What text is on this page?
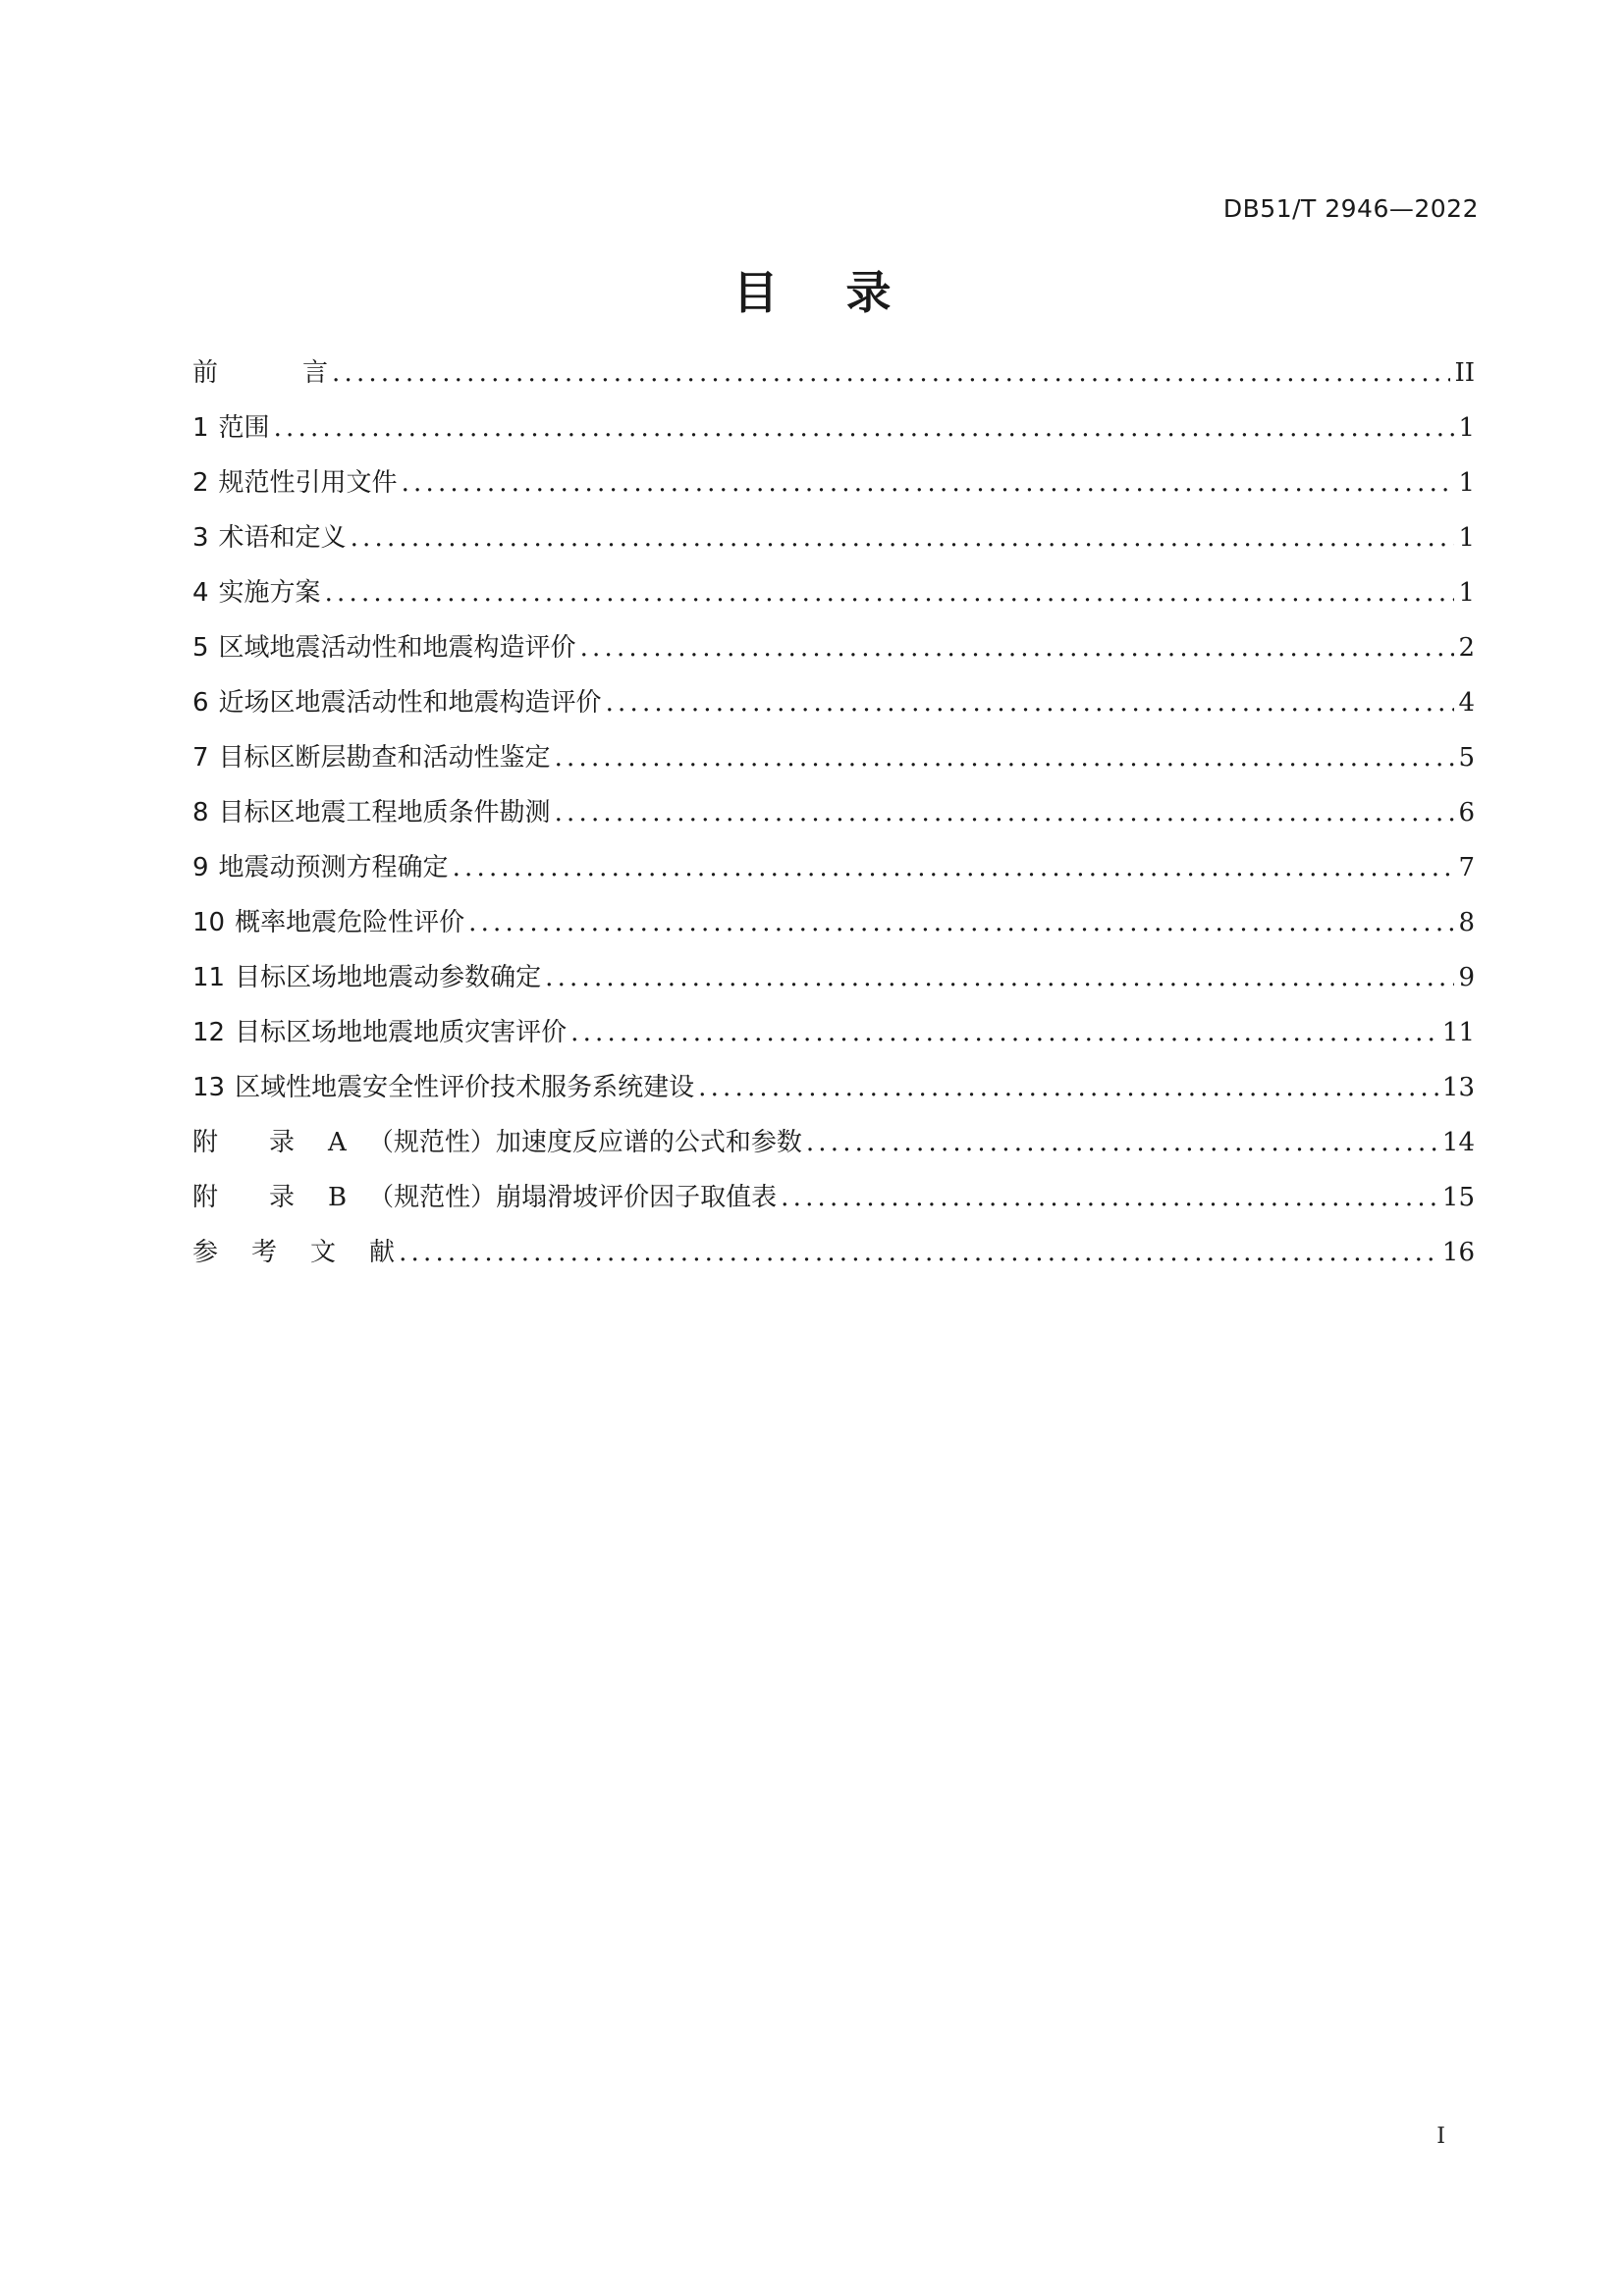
DB51/T 2946—2022
目录
前	言 .....	II
1 范围 .....	1
2 规范性引用文件 .....	1
3 术语和定义 .....	1
4 实施方案 .....	1
5 区域地震活动性和地震构造评价 .....	2
6 近场区地震活动性和地震构造评价 .....	4
7 目标区断层勘查和活动性鉴定 .....	5
8 目标区地震工程地质条件勘测 .....	6
9 地震动预测方程确定 .....	7
10 概率地震危险性评价 .....	8
11 目标区场地地震动参数确定 .....	9
12 目标区场地地震地质灾害评价 .....	11
13 区域性地震安全性评价技术服务系统建设 .....	13
附 录 A （规范性）加速度反应谱的公式和参数 .....	14
附 录 B （规范性）崩塌滑坡评价因子取值表 .....	15
参 考 文 献 .....	16
I
